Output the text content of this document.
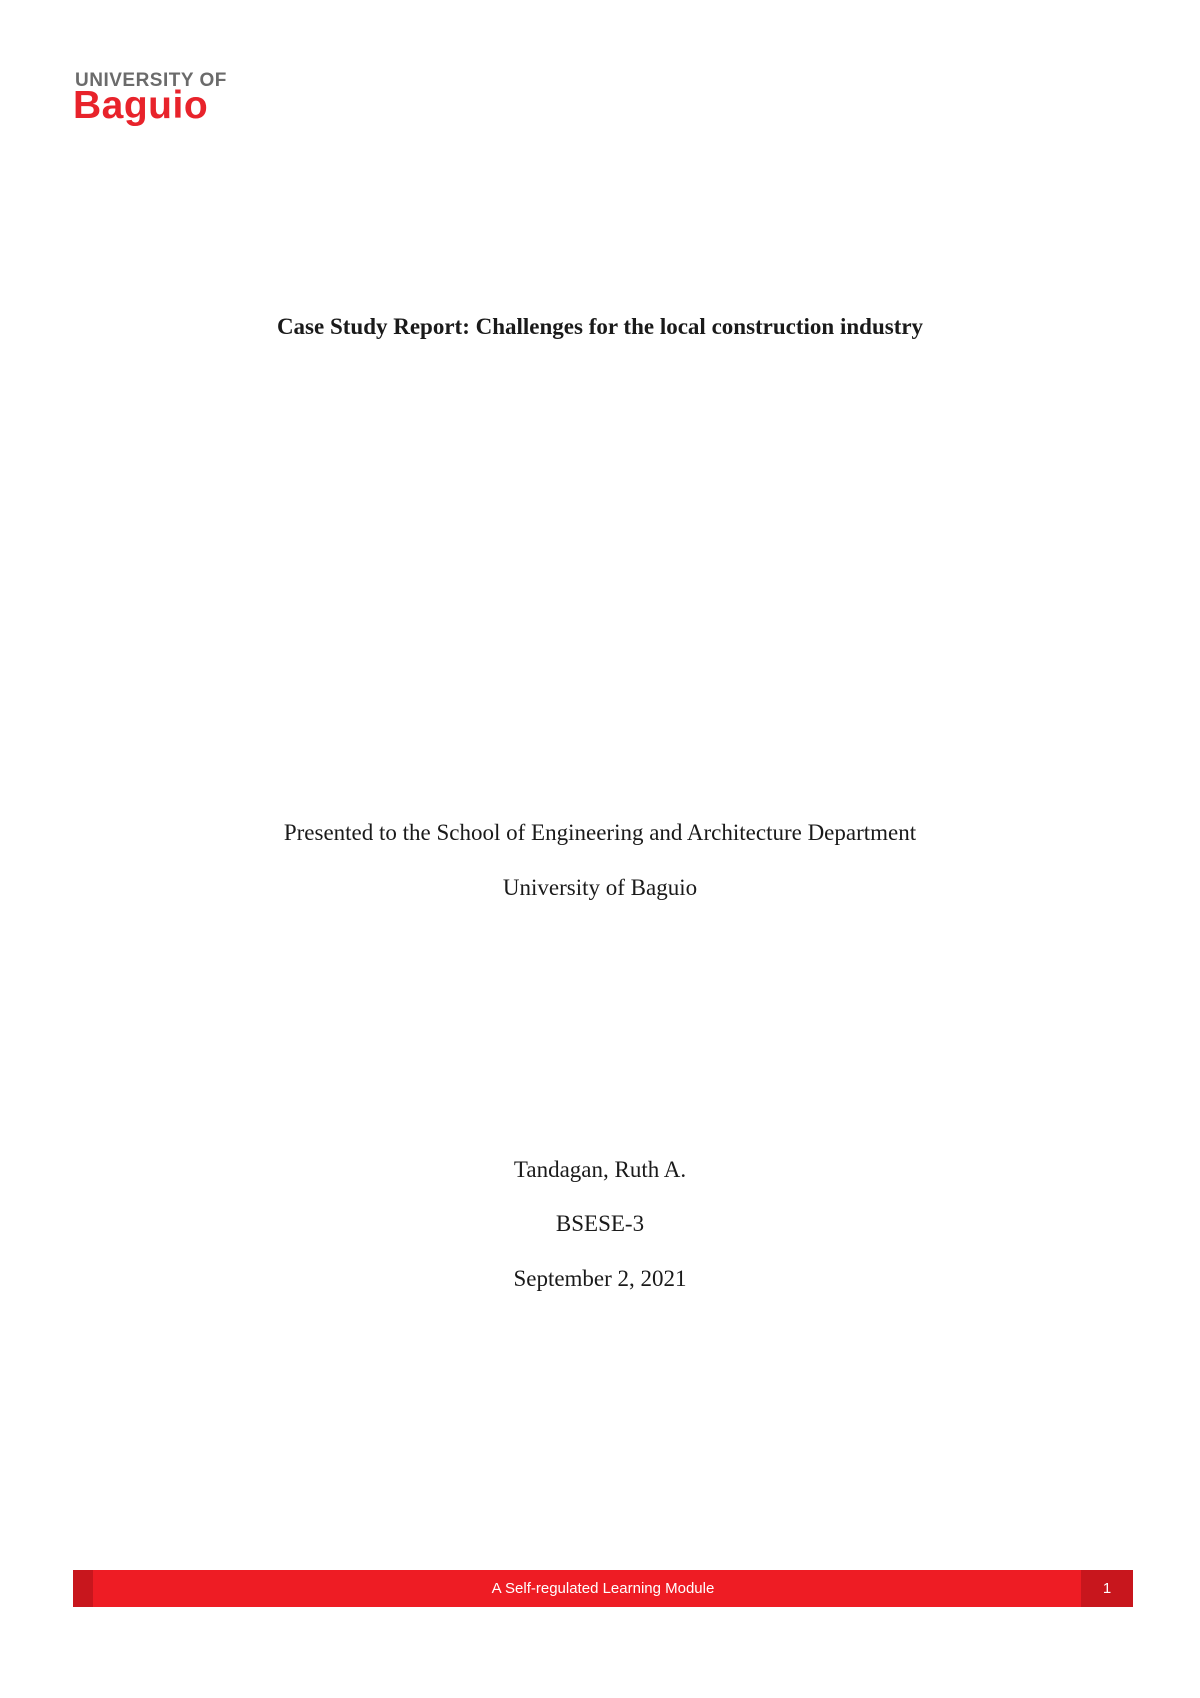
UNIVERSITY OF
Baguio
Case Study Report: Challenges for the local construction industry
Presented to the School of Engineering and Architecture Department
University of Baguio
Tandagan, Ruth A.
BSESE-3
September 2, 2021
A Self-regulated Learning Module	1
